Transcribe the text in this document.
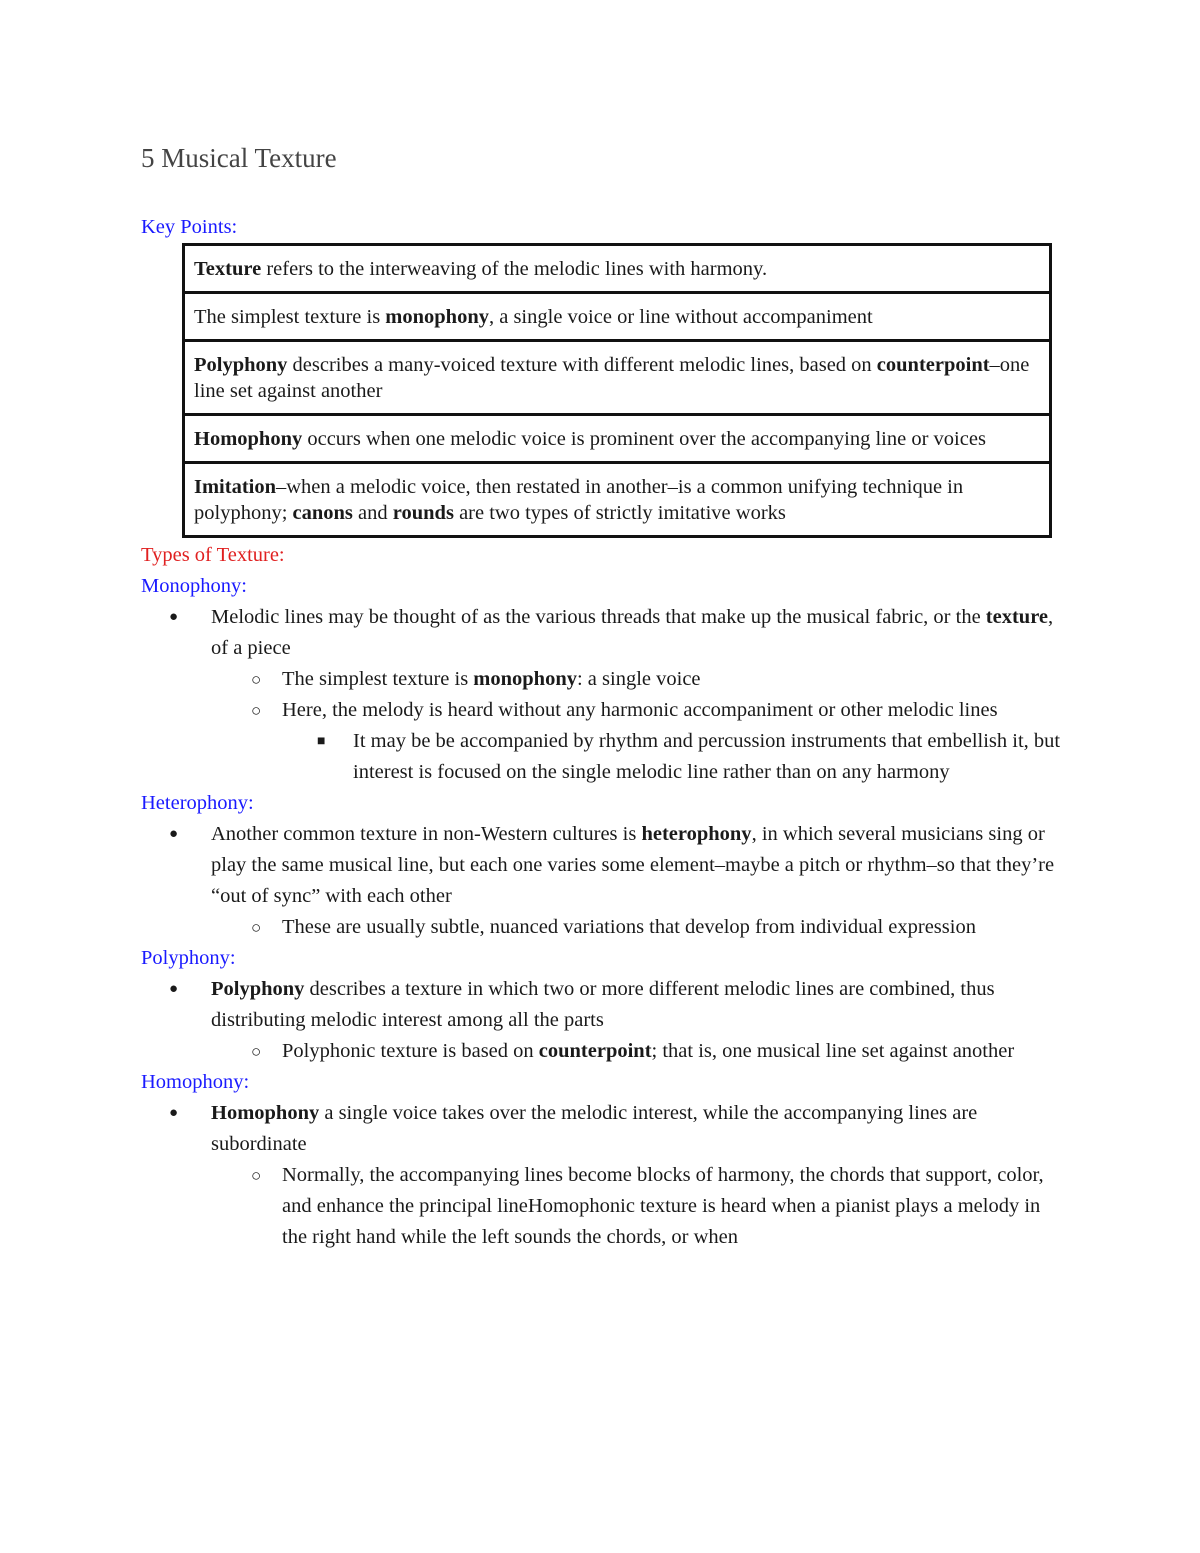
5 Musical Texture
Key Points:
Texture refers to the interweaving of the melodic lines with harmony.
The simplest texture is monophony, a single voice or line without accompaniment
Polyphony describes a many-voiced texture with different melodic lines, based on counterpoint–one line set against another
Homophony occurs when one melodic voice is prominent over the accompanying line or voices
Imitation–when a melodic voice, then restated in another–is a common unifying technique in polyphony; canons and rounds are two types of strictly imitative works
Types of Texture:
Monophony:
● Melodic lines may be thought of as the various threads that make up the musical fabric, or the texture, of a piece
○ The simplest texture is monophony: a single voice
○ Here, the melody is heard without any harmonic accompaniment or other melodic lines
■ It may be be accompanied by rhythm and percussion instruments that embellish it, but interest is focused on the single melodic line rather than on any harmony
Heterophony:
● Another common texture in non-Western cultures is heterophony, in which several musicians sing or play the same musical line, but each one varies some element–maybe a pitch or rhythm–so that they’re “out of sync” with each other
○ These are usually subtle, nuanced variations that develop from individual expression
Polyphony:
● Polyphony describes a texture in which two or more different melodic lines are combined, thus distributing melodic interest among all the parts
○ Polyphonic texture is based on counterpoint; that is, one musical line set against another
Homophony:
● Homophony a single voice takes over the melodic interest, while the accompanying lines are subordinate
○ Normally, the accompanying lines become blocks of harmony, the chords that support, color, and enhance the principal lineHomophonic texture is heard when a pianist plays a melody in the right hand while the left sounds the chords, or when
